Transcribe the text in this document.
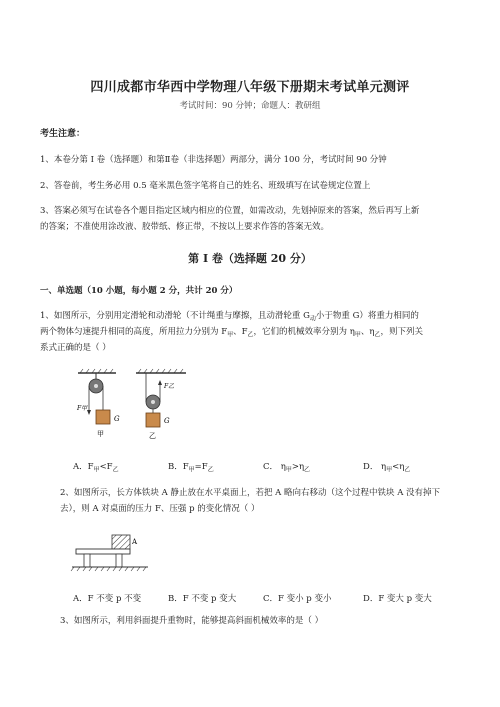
四川成都市华西中学物理八年级下册期末考试单元测评
考试时间：90 分钟；命题人：教研组
考生注意：
1、本卷分第 I 卷（选择题）和第Ⅱ卷（非选择题）两部分，满分 100 分，考试时间 90 分钟
2、答卷前，考生务必用 0.5 毫米黑色签字笔将自己的姓名、班级填写在试卷规定位置上
3、答案必须写在试卷各个题目指定区域内相应的位置，如需改动，先划掉原来的答案，然后再写上新
的答案；不准使用涂改液、胶带纸、修正带，不按以上要求作答的答案无效。
第 I 卷（选择题 20 分）
一、单选题（10 小题，每小题 2 分，共计 20 分）
1、如图所示，分别用定滑轮和动滑轮（不计绳重与摩擦，且动滑轮重 $G_动$小于物重 G）将重力相同的
两个物体匀速提升相同的高度，所用拉力分别为 $F_甲$、$F_乙$，它们的机械效率分别为 $\eta_甲$、$\eta_乙$，则下列关
系式正确的是（ ）
F甲
G
甲
F乙
G
乙
A．$F_甲<F_乙$	B．$F_甲=F_乙$	C． $\eta_甲>\eta_乙$	D． $\eta_甲<\eta_乙$
2、如图所示，长方体铁块 A 静止放在水平桌面上，若把 A 略向右移动（这个过程中铁块 A 没有掉下
去），则 A 对桌面的压力 F、压强 p 的变化情况（ ）
A
A．F 不变 p 不变	B．F 不变 p 变大	C．F 变小 p 变小	D．F 变大 p 变大
3、如图所示，利用斜面提升重物时，能够提高斜面机械效率的是（ ）
